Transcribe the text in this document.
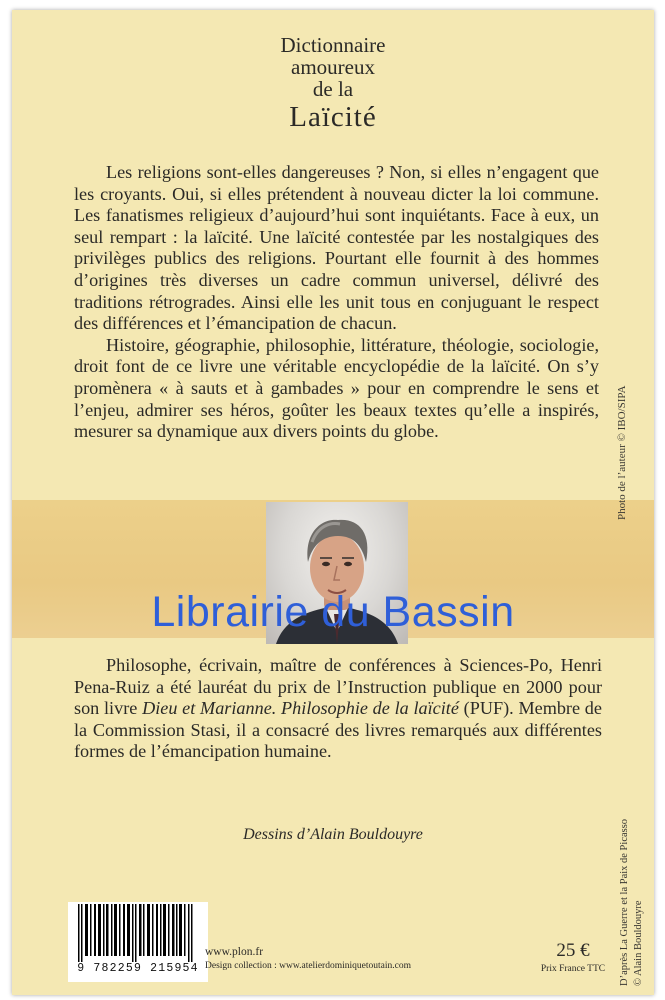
Dictionnaire
amoureux
de la
Laïcité

Les religions sont-elles dangereuses ? Non, si elles n’engagent que les croyants. Oui, si elles prétendent à nouveau dicter la loi commune. Les fanatismes religieux d’aujourd’hui sont inquiétants. Face à eux, un seul rempart : la laïcité. Une laïcité contestée par les nostalgiques des privilèges publics des religions. Pourtant elle fournit à des hommes d’origines très diverses un cadre commun universel, délivré des traditions rétrogrades. Ainsi elle les unit tous en conjuguant le respect des différences et l’émancipation de chacun.

Histoire, géographie, philosophie, littérature, théologie, sociologie, droit font de ce livre une véritable encyclopédie de la laïcité. On s’y promènera « à sauts et à gambades » pour en comprendre le sens et l’enjeu, admirer ses héros, goûter les beaux textes qu’elle a inspirés, mesurer sa dynamique aux divers points du globe.

Librairie du Bassin
Photo de l’auteur © IBO/SIPA

Philosophe, écrivain, maître de conférences à Sciences-Po, Henri Pena-Ruiz a été lauréat du prix de l’Instruction publique en 2000 pour son livre Dieu et Marianne. Philosophie de la laïcité (PUF). Membre de la Commission Stasi, il a consacré des livres remarqués aux différentes formes de l’émancipation humaine.

Dessins d’Alain Bouldouyre	D’après La Guerre et la Paix de Picasso © Alain Bouldouyre
9 782259 215954
www.plon.fr
Design collection : www.atelierdominiquetoutain.com
25 €
Prix France TTC
